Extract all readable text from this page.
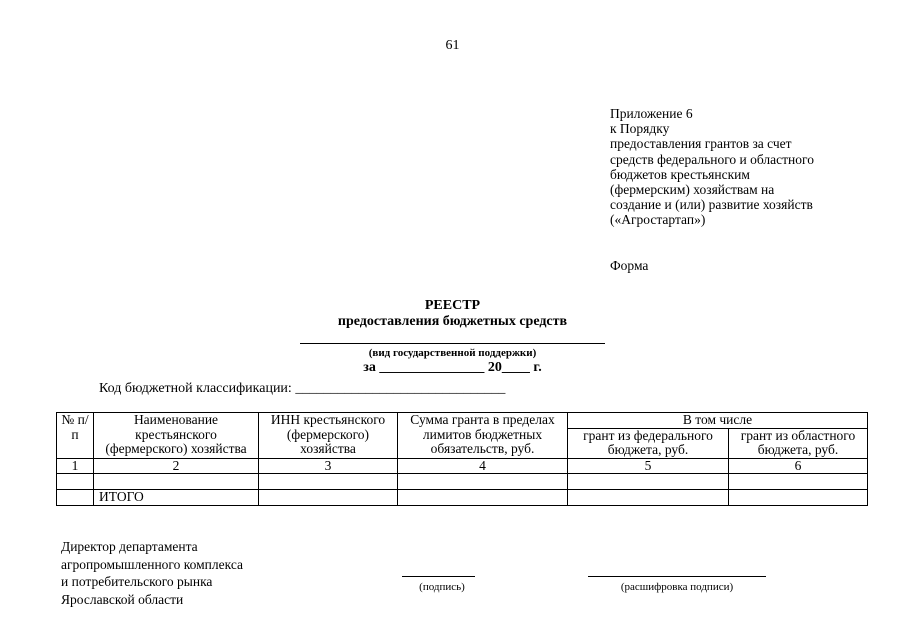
61
Приложение 6
к Порядку
предоставления грантов за счет
средств федерального и областного
бюджетов крестьянским
(фермерским) хозяйствам на
создание и (или) развитие хозяйств
(«Агростартап»)
Форма
РЕЕСТР
предоставления бюджетных средств
(вид государственной поддержки)
за _______________ 20____ г.
Код бюджетной классификации: ______________________________
№ п/п	Наименование крестьянского (фермерского) хозяйства	ИНН крестьянского (фермерского) хозяйства	Сумма гранта в пределах лимитов бюджетных обязательств, руб.	В том числе	
				грант из федерального бюджета, руб.	грант из областного бюджета, руб.
1	2	3	4	5	6

	ИТОГО				
Директор департамента
агропромышленного комплекса
и потребительского рынка
Ярославской области
(подпись)	(расшифровка подписи)
